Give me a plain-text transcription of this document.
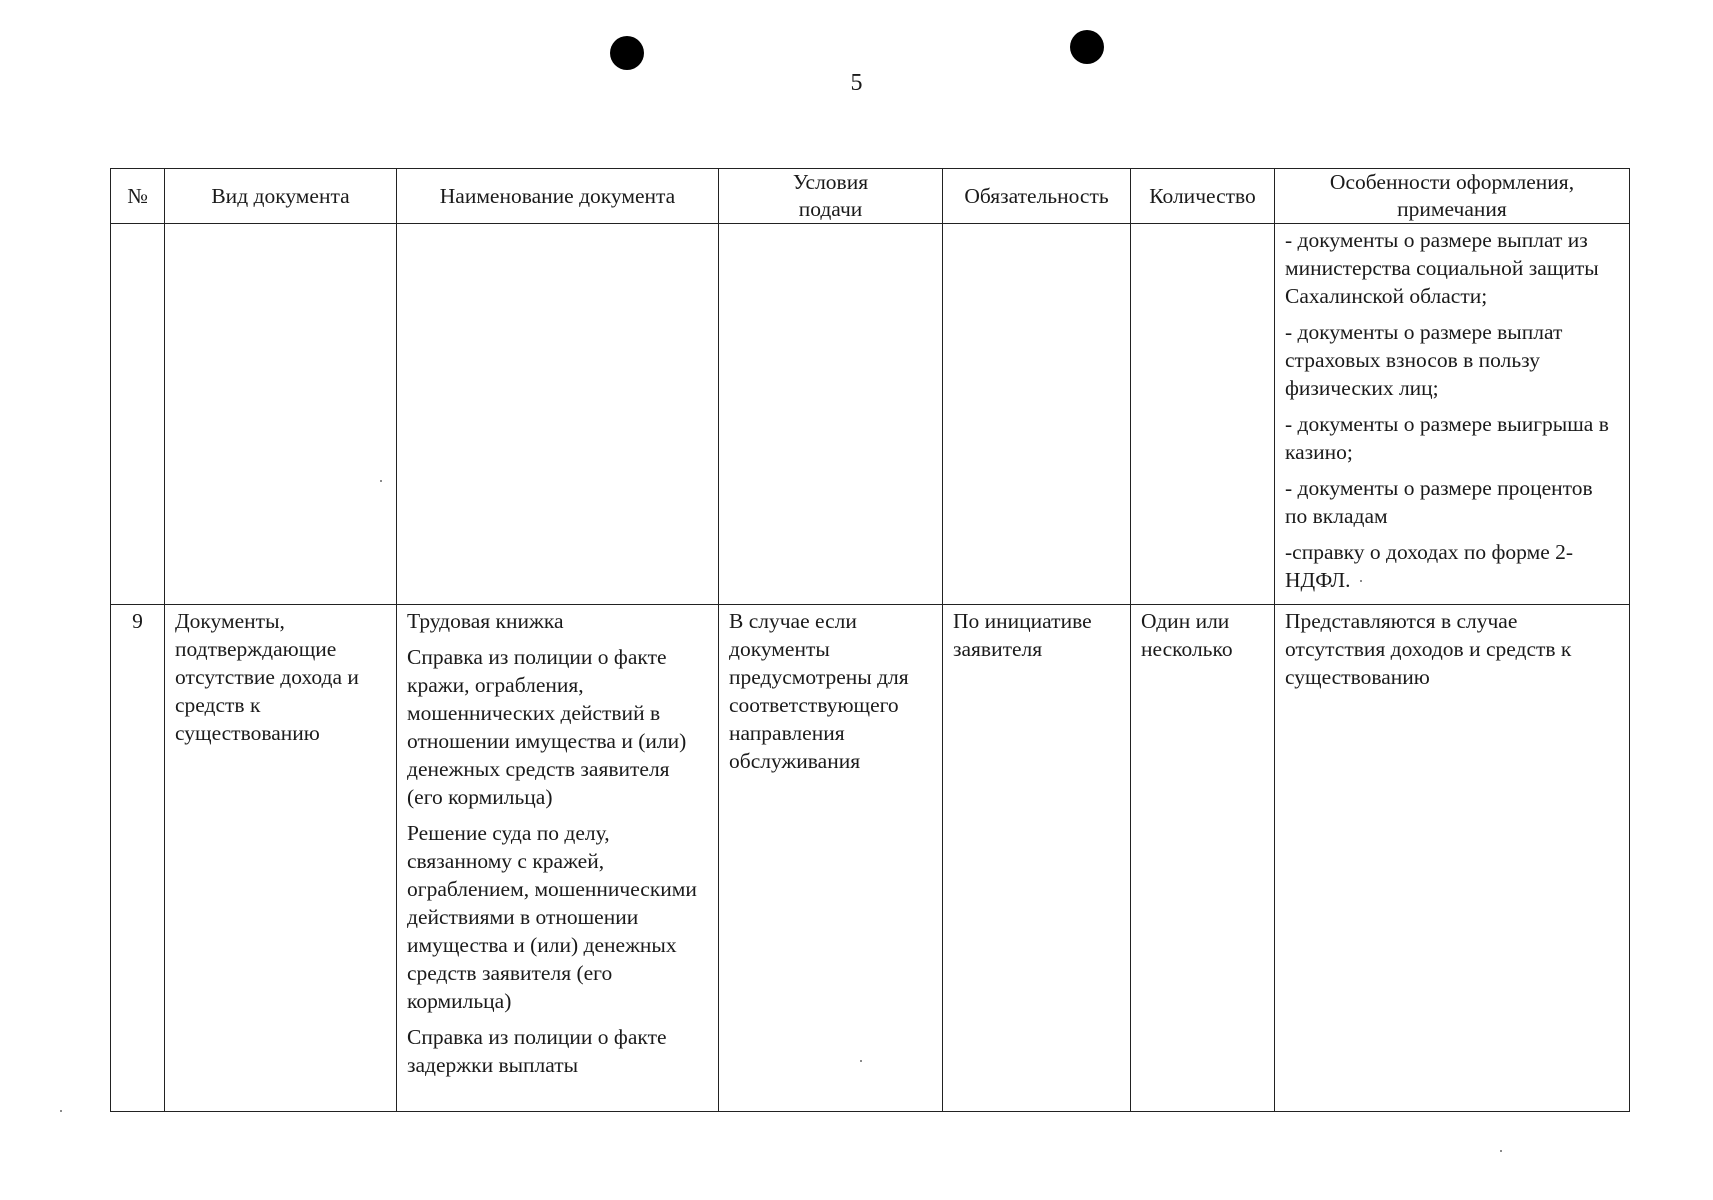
5
№	Вид документа	Наименование документа	Условия подачи	Обязательность	Количество	Особенности оформления, примечания

						- документы о размере выплат из министерства социальной защиты Сахалинской области;
- документы о размере выплат страховых взносов в пользу физических лиц;
- документы о размере выигрыша в казино;
- документы о размере процентов по вкладам
-справку о доходах по форме 2-НДФЛ.

9	Документы, подтверждающие отсутствие дохода и средств к существованию	Трудовая книжка
Справка из полиции о факте кражи, ограбления, мошеннических действий в отношении имущества и (или) денежных средств заявителя (его кормильца)
Решение суда по делу, связанному с кражей, ограблением, мошенническими действиями в отношении имущества и (или) денежных средств заявителя (его кормильца)
Справка из полиции о факте задержки выплаты	В случае если документы предусмотрены для соответствующего направления обслуживания	По инициативе заявителя	Один или несколько	Представляются в случае отсутствия доходов и средств к существованию
